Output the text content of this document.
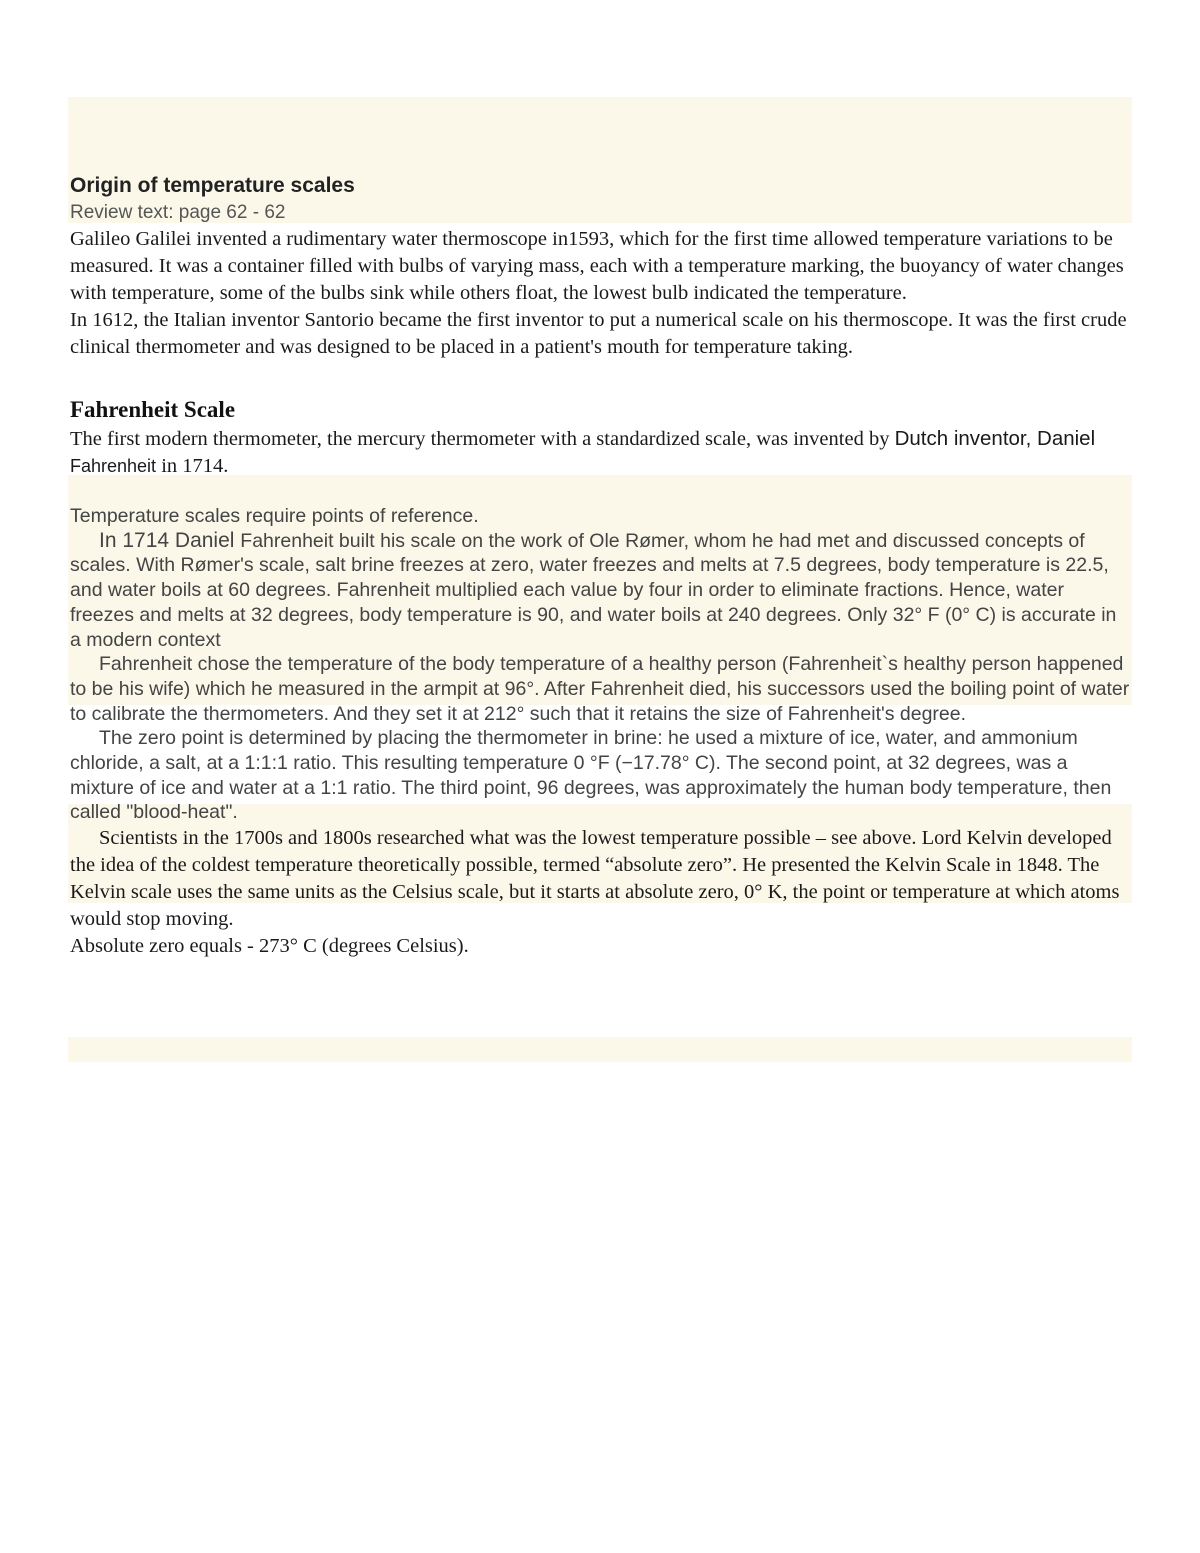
Origin of temperature scales

Review text: page 62 - 62

Galileo Galilei invented a rudimentary water thermoscope in1593, which for the first time allowed temperature variations to be measured. It was a container filled with bulbs of varying mass, each with a temperature marking, the buoyancy of water changes with temperature, some of the bulbs sink while others float, the lowest bulb indicated the temperature.

In 1612, the Italian inventor Santorio became the first inventor to put a numerical scale on his thermoscope. It was the first crude clinical thermometer and was designed to be placed in a patient's mouth for temperature taking.

Fahrenheit Scale

The first modern thermometer, the mercury thermometer with a standardized scale, was invented by Dutch inventor, Daniel Fahrenheit in 1714.

Temperature scales require points of reference.

In 1714 Daniel Fahrenheit built his scale on the work of Ole Rømer, whom he had met and discussed concepts of scales. With Rømer's scale, salt brine freezes at zero, water freezes and melts at 7.5 degrees, body temperature is 22.5, and water boils at 60 degrees. Fahrenheit multiplied each value by four in order to eliminate fractions. Hence, water freezes and melts at 32 degrees, body temperature is 90, and water boils at 240 degrees. Only 32° F (0° C) is accurate in a modern context

Fahrenheit chose the temperature of the body temperature of a healthy person (Fahrenheit`s healthy person happened to be his wife) which he measured in the armpit at 96°. After Fahrenheit died, his successors used the boiling point of water to calibrate the thermometers. And they set it at 212° such that it retains the size of Fahrenheit's degree.

The zero point is determined by placing the thermometer in brine: he used a mixture of ice, water, and ammonium chloride, a salt, at a 1:1:1 ratio. This resulting temperature 0 °F (−17.78° C). The second point, at 32 degrees, was a mixture of ice and water at a 1:1 ratio. The third point, 96 degrees, was approximately the human body temperature, then called "blood-heat".

Scientists in the 1700s and 1800s researched what was the lowest temperature possible – see above. Lord Kelvin developed the idea of the coldest temperature theoretically possible, termed “absolute zero”. He presented the Kelvin Scale in 1848. The Kelvin scale uses the same units as the Celsius scale, but it starts at absolute zero, 0° K, the point or temperature at which atoms would stop moving.

Absolute zero equals - 273° C (degrees Celsius).
